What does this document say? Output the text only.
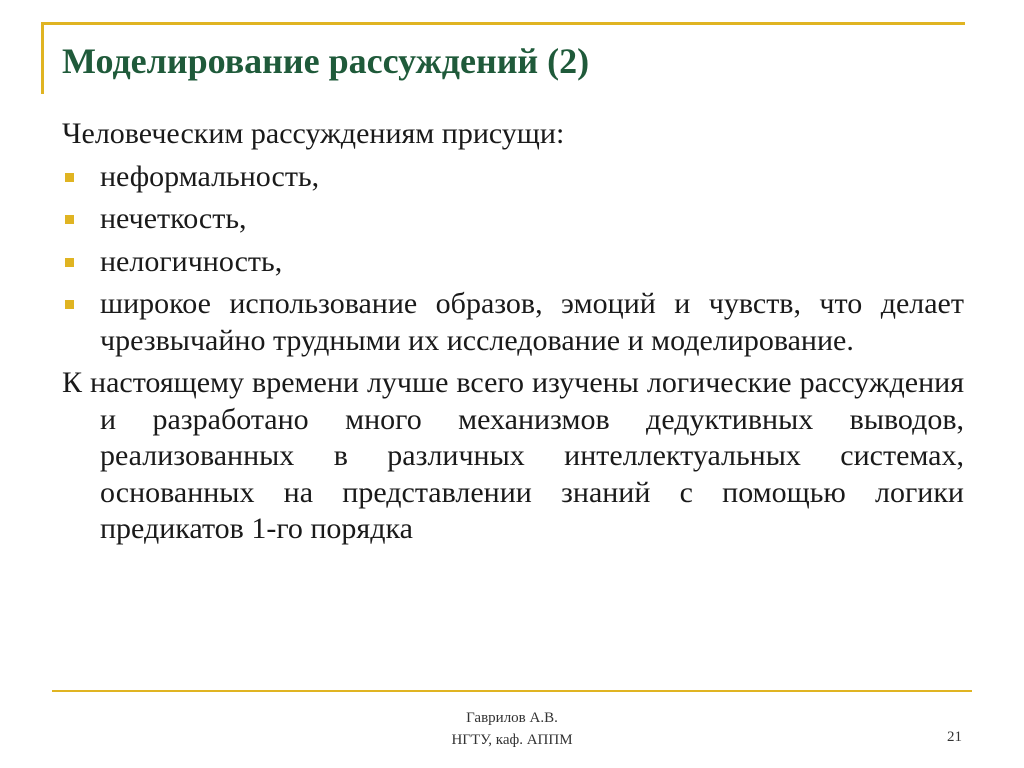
Моделирование рассуждений (2)

Человеческим рассуждениям присущи:

неформальность,
нечеткость,
нелогичность,
широкое использование образов, эмоций и чувств, что делает чрезвычайно трудными их исследование и моделирование.

К настоящему времени лучше всего изучены логические рассуждения и разработано много механизмов дедуктивных выводов, реализованных в различных интеллектуальных системах, основанных на представлении знаний с помощью логики предикатов 1-го порядка

Гаврилов А.В.
НГТУ, каф. АППМ	21
